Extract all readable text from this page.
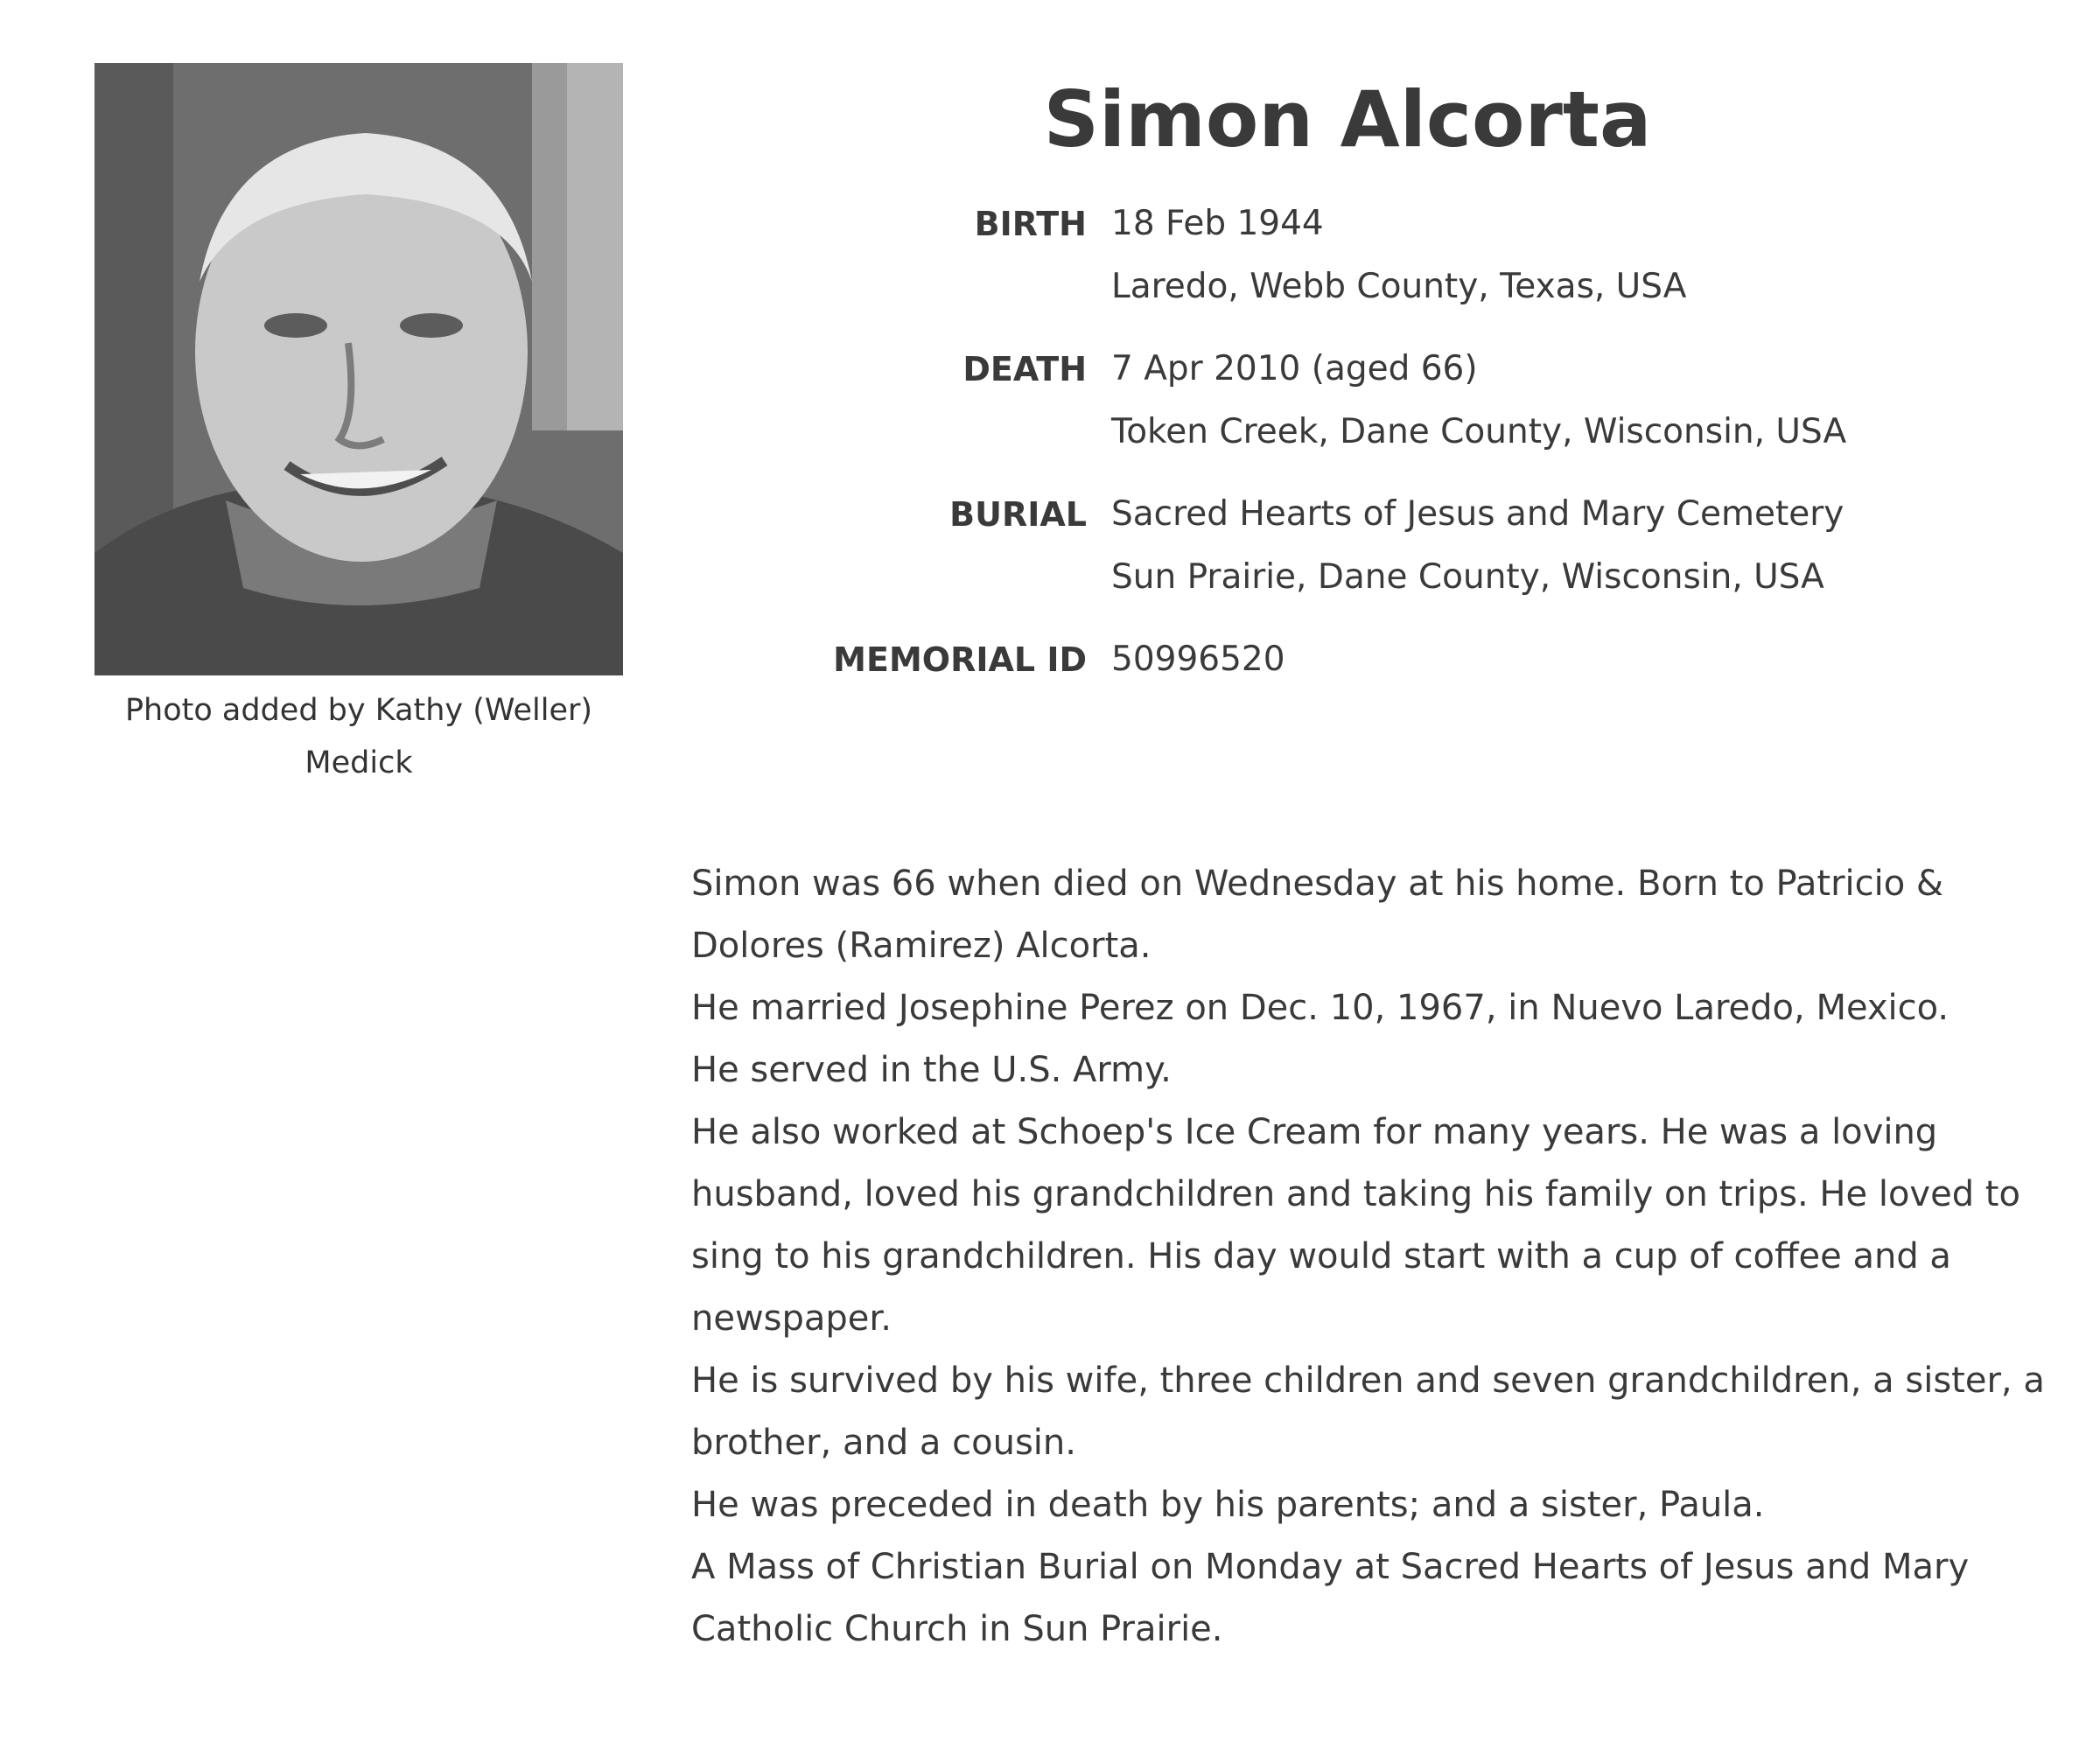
Photo added by Kathy (Weller)
Medick
Simon Alcorta
BIRTH 18 Feb 1944
Laredo, Webb County, Texas, USA
DEATH 7 Apr 2010 (aged 66)
Token Creek, Dane County, Wisconsin, USA
BURIAL Sacred Hearts of Jesus and Mary Cemetery
Sun Prairie, Dane County, Wisconsin, USA
MEMORIAL ID 50996520
Simon was 66 when died on Wednesday at his home. Born to Patricio &
Dolores (Ramirez) Alcorta.
He married Josephine Perez on Dec. 10, 1967, in Nuevo Laredo, Mexico.
He served in the U.S. Army.
He also worked at Schoep's Ice Cream for many years. He was a loving
husband, loved his grandchildren and taking his family on trips. He loved to
sing to his grandchildren. His day would start with a cup of coffee and a
newspaper.
He is survived by his wife, three children and seven grandchildren, a sister, a
brother, and a cousin.
He was preceded in death by his parents; and a sister, Paula.
A Mass of Christian Burial on Monday at Sacred Hearts of Jesus and Mary
Catholic Church in Sun Prairie.
